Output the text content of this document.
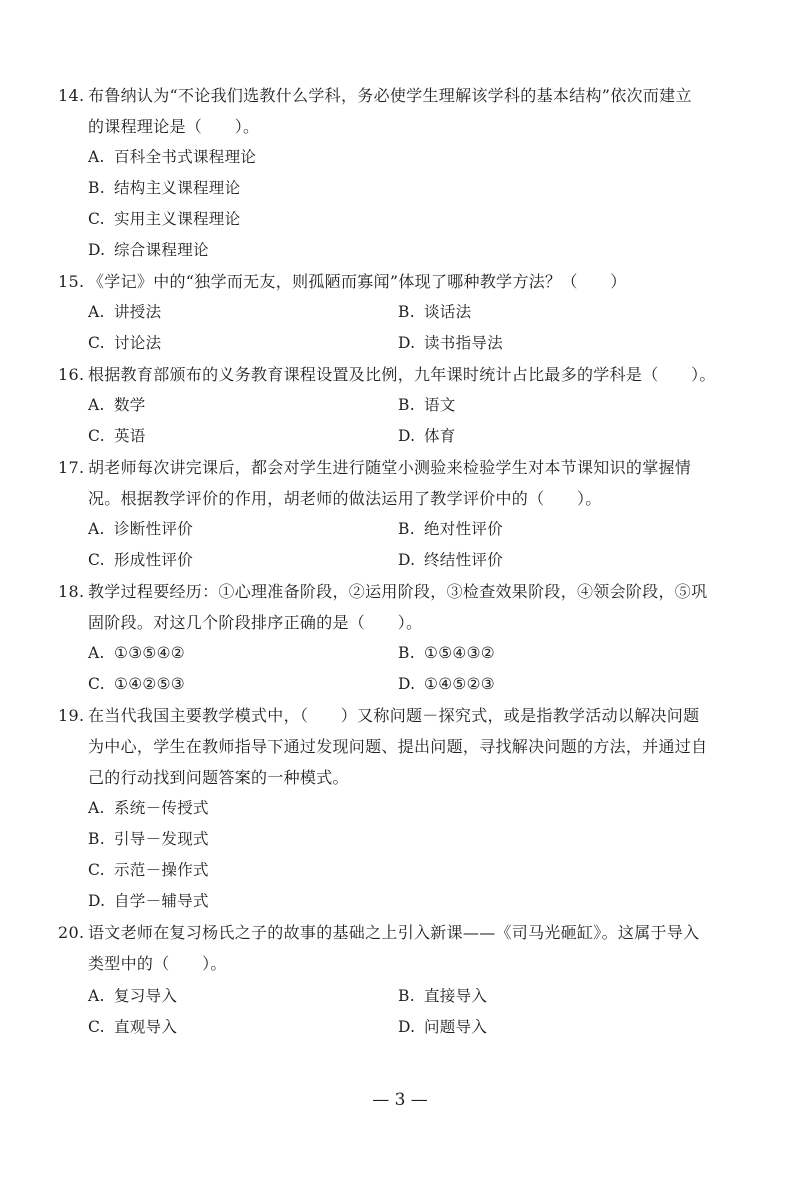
14. 布鲁纳认为“不论我们选教什么学科，务必使学生理解该学科的基本结构”依次而建立
的课程理论是（　　）。
A. 百科全书式课程理论
B. 结构主义课程理论
C. 实用主义课程理论
D. 综合课程理论
15. 《学记》中的“独学而无友，则孤陋而寡闻”体现了哪种教学方法？（　　）
A. 讲授法	B. 谈话法
C. 讨论法	D. 读书指导法
16. 根据教育部颁布的义务教育课程设置及比例，九年课时统计占比最多的学科是（　　）。
A. 数学	B. 语文
C. 英语	D. 体育
17. 胡老师每次讲完课后，都会对学生进行随堂小测验来检验学生对本节课知识的掌握情
况。根据教学评价的作用，胡老师的做法运用了教学评价中的（　　）。
A. 诊断性评价	B. 绝对性评价
C. 形成性评价	D. 终结性评价
18. 教学过程要经历：①心理准备阶段，②运用阶段，③检查效果阶段，④领会阶段，⑤巩
固阶段。对这几个阶段排序正确的是（　　）。
A. ①③⑤④②	B. ①⑤④③②
C. ①④②⑤③	D. ①④⑤②③
19. 在当代我国主要教学模式中，（　　）又称问题－探究式，或是指教学活动以解决问题
为中心，学生在教师指导下通过发现问题、提出问题，寻找解决问题的方法，并通过自
己的行动找到问题答案的一种模式。
A. 系统－传授式
B. 引导－发现式
C. 示范－操作式
D. 自学－辅导式
20. 语文老师在复习杨氏之子的故事的基础之上引入新课——《司马光砸缸》。这属于导入
类型中的（　　）。
A. 复习导入	B. 直接导入
C. 直观导入	D. 问题导入
— 3 —
